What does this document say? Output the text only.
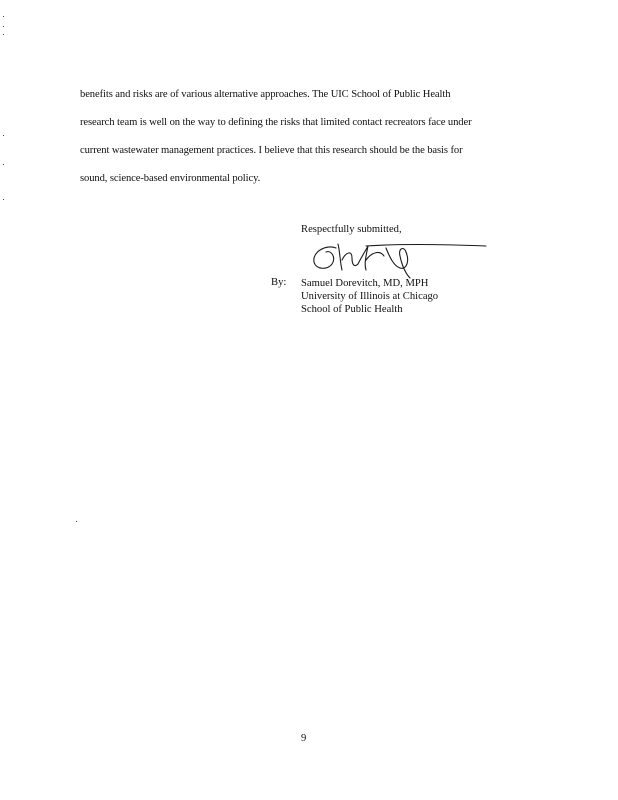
benefits and risks are of various alternative approaches. The UIC School of Public Health
research team is well on the way to defining the risks that limited contact recreators face under
current wastewater management practices. I believe that this research should be the basis for
sound, science-based environmental policy.
Respectfully submitted,
By: Samuel Dorevitch, MD, MPH
University of Illinois at Chicago
School of Public Health
9
